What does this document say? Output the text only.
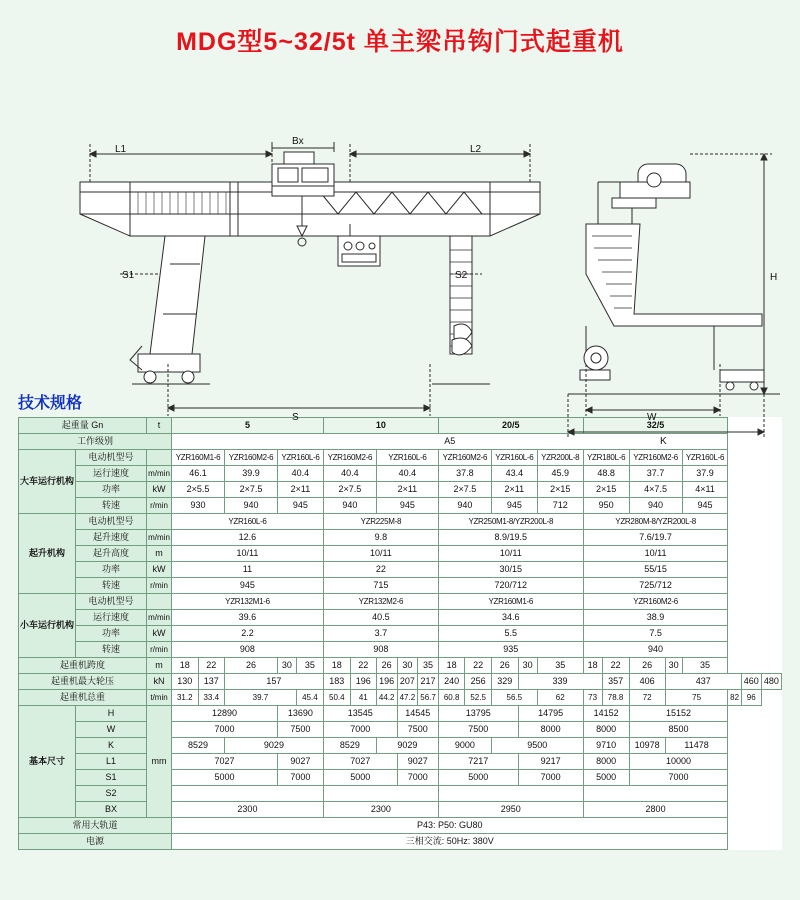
MDG型5~32/5t 单主梁吊钩门式起重机
L1	L2
Bx
S1	S2
S	W
K
H
技术规格
起重量 Gn		t	5					10					20/5					32/5							
工作级别			A5																						
大车运行机构	电动机型号		YZR160M1-6		YZR160M2-6	YZR160L-6		YZR160M2-6		YZR160L-6			YZR160M2-6		YZR160L-6		YZR200L-8	YZR180L-6		YZR160M2-6		YZR160L-6			
	运行速度	m/min	46.1		39.9	40.4		40.4		40.4			37.8		43.4		45.9	48.8		37.7		37.9			
	功率	kW	2×5.5		2×7.5	2×11		2×7.5		2×11			2×7.5		2×11		2×15	2×15		4×7.5		4×11			
	转速	r/min	930		940	945		940		945			940		945		712	950		940		945			
起升机构	电动机型号		YZR160L-6					YZR225M-8					YZR250M1-8/YZR200L-8					YZR280M-8/YZR200L-8							
	起升速度	m/min	12.6					9.8					8.9/19.5					7.6/19.7							
	起升高度	m	10/11					10/11					10/11					10/11							
	功率	kW	11					22					30/15					55/15							
	转速	r/min	945					715					720/712					725/712							
小车运行机构	电动机型号		YZR132M1-6					YZR132M2-6					YZR160M1-6					YZR160M2-6							
	运行速度	m/min	39.6					40.5					34.6					38.9							
	功率	kW	2.2					3.7					5.5					7.5							
	转速	r/min	908					908					935					940							
起重机跨度		m	18	22	26	30	35	18	22	26	30	35	18	22	26	30	35	18	22	26	30	35			
起重机最大轮压		kN	130	137	157			183	196	196	207	217	240	256	329	339			357	406	437			460	480
起重机总重		t/min	31.2	33.4	39.7		45.4	50.4	41	44.2	47.2	56.7	60.8	52.5	56.5		62	73	78.8	72	75		82	96	
基本尺寸	H	mm	12890			13690		13545			14545		13795			14795		14152		15152					
	W		7000			7500		7000			7500		7500			8000		8000		8500					
	K		8529		9029			8529		9029			9000		9500			9710		10978	11478				
	L1		7027			9027		7027			9027		7217			9217		8000		10000					
	S1		5000			7000		5000			7000		5000			7000		5000		7000					
	S2																								
	BX		2300					2300					2950					2800							
常用大轨道			P43: P50: GU80																						
电源			三相交流: 50Hz: 380V																						
